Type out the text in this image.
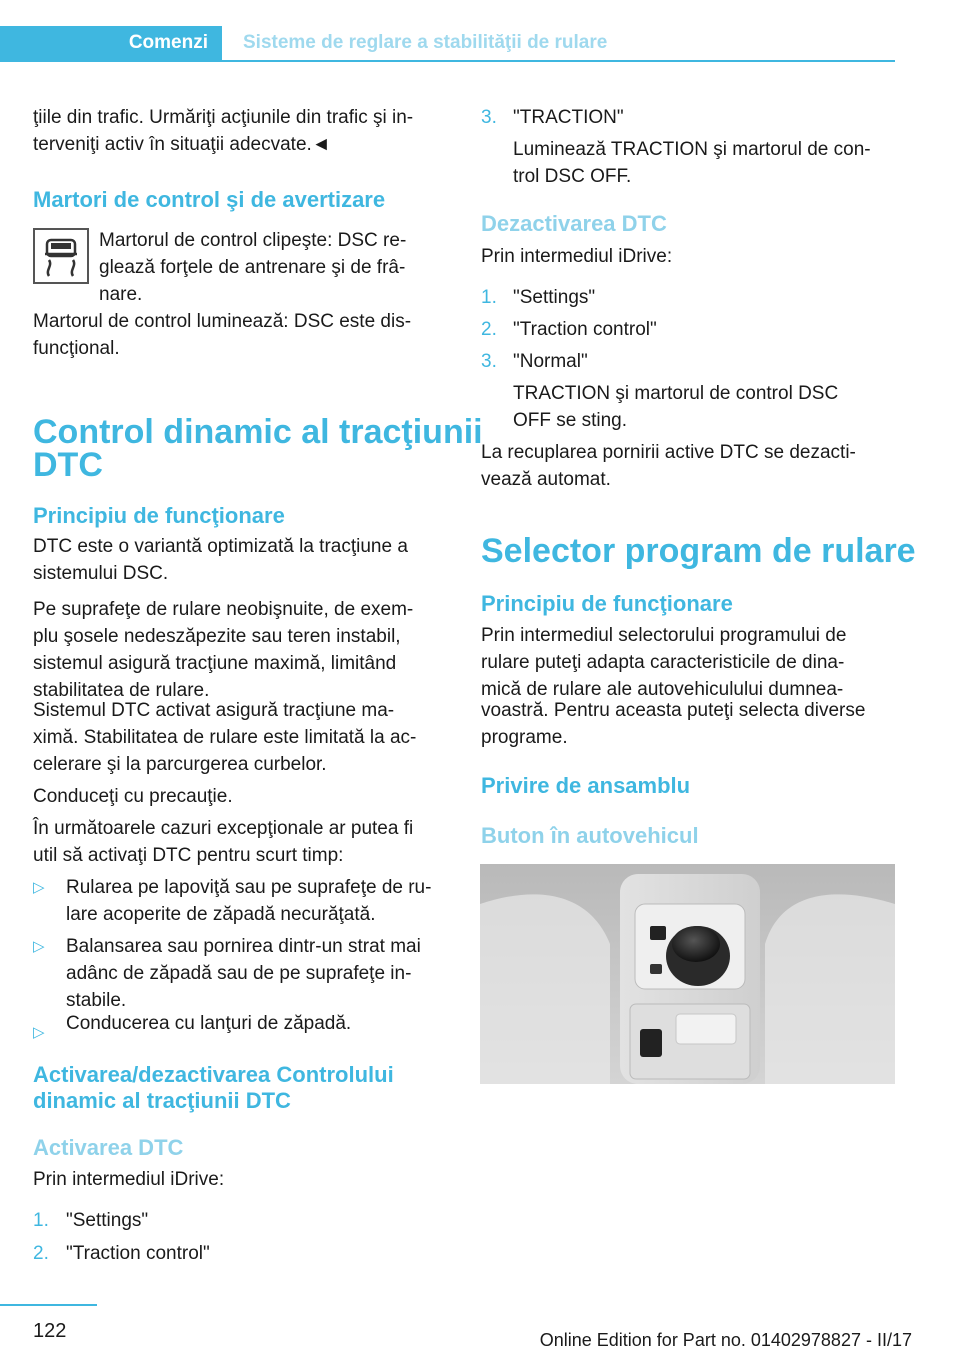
Comenzi	Sisteme de reglare a stabilităţii de rulare

ţiile din trafic. Urmăriţi acţiunile din trafic şi in‐

terveniţi activ în situaţii adecvate.◄

Martori de control şi de avertizare

Martorul de control clipeşte: DSC re‐

glează forţele de antrenare şi de frâ‐

nare.

Martorul de control luminează: DSC este dis‐

funcţional.

Control dinamic al tracţiunii
DTC
Principiu de funcţionare

DTC este o variantă optimizată la tracţiune a

sistemului DSC.

Pe suprafeţe de rulare neobişnuite, de exem‐

plu şosele nedeszăpezite sau teren instabil,

sistemul asigură tracţiune maximă, limitând

stabilitatea de rulare.

Sistemul DTC activat asigură tracţiune ma‐

ximă. Stabilitatea de rulare este limitată la ac‐

celerare şi la parcurgerea curbelor.

Conduceţi cu precauţie.

În următoarele cazuri excepţionale ar putea fi

util să activaţi DTC pentru scurt timp:

▷ Rularea pe lapoviţă sau pe suprafeţe de ru‐

lare acoperite de zăpadă necurăţată.

▷ Balansarea sau pornirea dintr-un strat mai

adânc de zăpadă sau de pe suprafeţe in‐

stabile.

▷ Conducerea cu lanţuri de zăpadă.

Activarea/dezactivarea Controlului
dinamic al tracţiunii DTC
Activarea DTC

Prin intermediul iDrive:

1. "Settings"

2. "Traction control"

3. "TRACTION"

Luminează TRACTION şi martorul de con‐

trol DSC OFF.

Dezactivarea DTC

Prin intermediul iDrive:

1. "Settings"

2. "Traction control"

3. "Normal"

TRACTION şi martorul de control DSC

OFF se sting.

La recuplarea pornirii active DTC se dezacti‐

vează automat.

Selector program de rulare
Principiu de funcţionare

Prin intermediul selectorului programului de

rulare puteţi adapta caracteristicile de dina‐

mică de rulare ale autovehiculului dumnea‐

voastră. Pentru aceasta puteţi selecta diverse

programe.

Privire de ansamblu
Buton în autovehicul
122	Online Edition for Part no. 01402978827 - II/17
